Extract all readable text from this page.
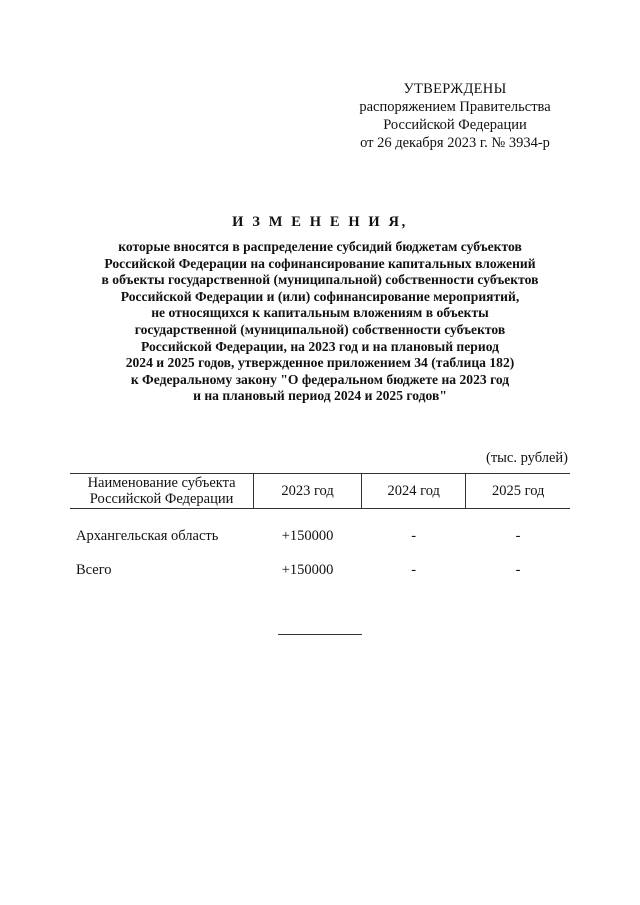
УТВЕРЖДЕНЫ
распоряжением Правительства
Российской Федерации
от 26 декабря 2023 г. № 3934-р
И З М Е Н Е Н И Я,
которые вносятся в распределение субсидий бюджетам субъектов
Российской Федерации на софинансирование капитальных вложений
в объекты государственной (муниципальной) собственности субъектов
Российской Федерации и (или) софинансирование мероприятий,
не относящихся к капитальным вложениям в объекты
государственной (муниципальной) собственности субъектов
Российской Федерации, на 2023 год и на плановый период
2024 и 2025 годов, утвержденное приложением 34 (таблица 182)
к Федеральному закону "О федеральном бюджете на 2023 год
и на плановый период 2024 и 2025 годов"
(тыс. рублей)
Наименование субъекта
Российской Федерации	2023 год	2024 год	2025 год
Архангельская область	+150000	-	-
Всего	+150000	-	-
